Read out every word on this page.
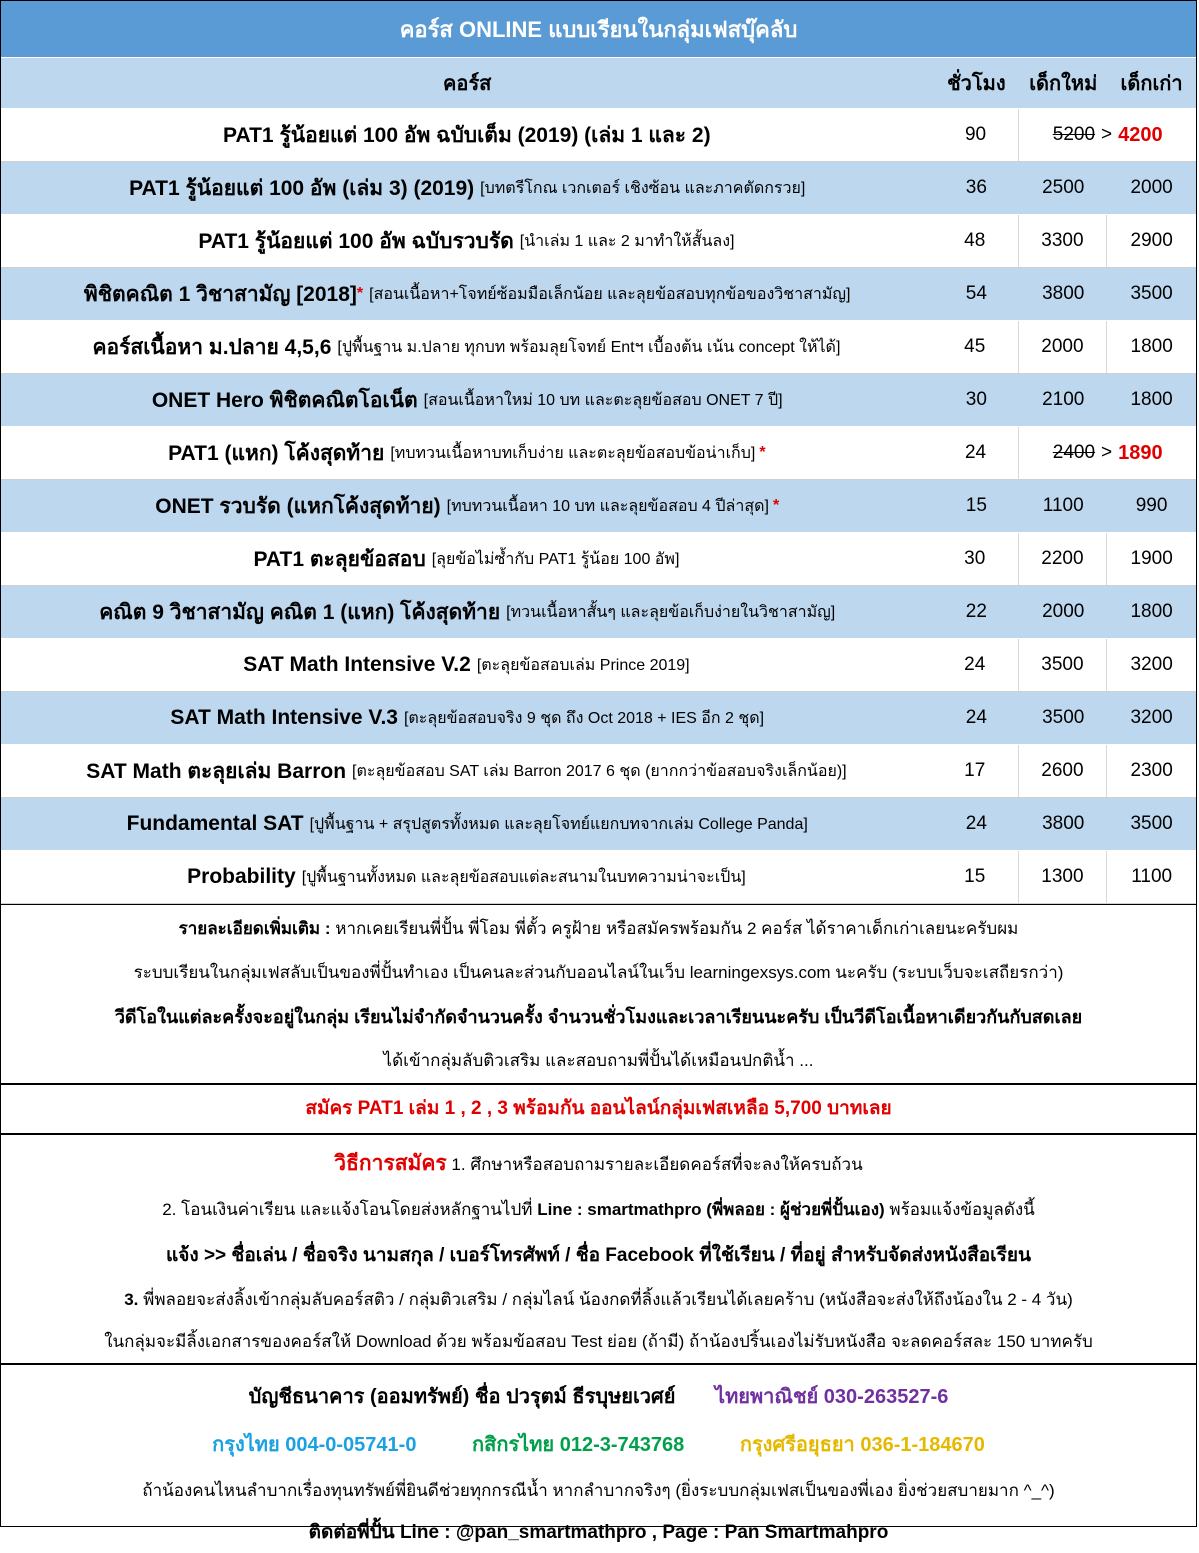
คอร์ส ONLINE แบบเรียนในกลุ่มเฟสบุ๊คลับ
คอร์ส	ชั่วโมง	เด็กใหม่	เด็กเก่า
PAT1 รู้น้อยแต่ 100 อัพ ฉบับเต็ม (2019) (เล่ม 1 และ 2)	90	5200 > 4200
PAT1 รู้น้อยแต่ 100 อัพ (เล่ม 3) (2019) [บทตรีโกณ เวกเตอร์ เชิงซ้อน และภาคตัดกรวย]	36	2500	2000
PAT1 รู้น้อยแต่ 100 อัพ ฉบับรวบรัด [นำเล่ม 1 และ 2 มาทำให้สั้นลง]	48	3300	2900
พิชิตคณิต 1 วิชาสามัญ [2018] * [สอนเนื้อหา+โจทย์ซ้อมมือเล็กน้อย และลุยข้อสอบทุกข้อของวิชาสามัญ]	54	3800	3500
คอร์สเนื้อหา ม.ปลาย 4,5,6 [ปูพื้นฐาน ม.ปลาย ทุกบท พร้อมลุยโจทย์ Entฯ เบื้องต้น เน้น concept ให้ได้]	45	2000	1800
ONET Hero พิชิตคณิตโอเน็ต [สอนเนื้อหาใหม่ 10 บท และตะลุยข้อสอบ ONET 7 ปี]	30	2100	1800
PAT1 (แหก) โค้งสุดท้าย [ทบทวนเนื้อหาบทเก็บง่าย และตะลุยข้อสอบข้อน่าเก็บ] *	24	2400 > 1890
ONET รวบรัด (แหกโค้งสุดท้าย) [ทบทวนเนื้อหา 10 บท และลุยข้อสอบ 4 ปีล่าสุด] *	15	1100	990
PAT1 ตะลุยข้อสอบ [ลุยข้อไม่ซ้ำกับ PAT1 รู้น้อย 100 อัพ]	30	2200	1900
คณิต 9 วิชาสามัญ คณิต 1 (แหก) โค้งสุดท้าย [ทวนเนื้อหาสั้นๆ และลุยข้อเก็บง่ายในวิชาสามัญ]	22	2000	1800
SAT Math Intensive V.2 [ตะลุยข้อสอบเล่ม Prince 2019]	24	3500	3200
SAT Math Intensive V.3 [ตะลุยข้อสอบจริง 9 ชุด ถึง Oct 2018 + IES อีก 2 ชุด]	24	3500	3200
SAT Math ตะลุยเล่ม Barron [ตะลุยข้อสอบ SAT เล่ม Barron 2017 6 ชุด (ยากกว่าข้อสอบจริงเล็กน้อย)]	17	2600	2300
Fundamental SAT [ปูพื้นฐาน + สรุปสูตรทั้งหมด และลุยโจทย์แยกบทจากเล่ม College Panda]	24	3800	3500
Probability [ปูพื้นฐานทั้งหมด และลุยข้อสอบแต่ละสนามในบทความน่าจะเป็น]	15	1300	1100

รายละเอียดเพิ่มเติม : หากเคยเรียนพี่ปั้น พี่โอม พี่ตั้ว ครูฝ้าย หรือสมัครพร้อมกัน 2 คอร์ส ได้ราคาเด็กเก่าเลยนะครับผม

ระบบเรียนในกลุ่มเฟสลับเป็นของพี่ปั้นทำเอง เป็นคนละส่วนกับออนไลน์ในเว็บ learningexsys.com นะครับ (ระบบเว็บจะเสถียรกว่า)

วีดีโอในแต่ละครั้งจะอยู่ในกลุ่ม เรียนไม่จำกัดจำนวนครั้ง จำนวนชั่วโมงและเวลาเรียนนะครับ เป็นวีดีโอเนื้อหาเดียวกันกับสดเลย

ได้เข้ากลุ่มลับติวเสริม และสอบถามพี่ปั้นได้เหมือนปกตินํ้า ...

สมัคร PAT1 เล่ม 1 , 2 , 3 พร้อมกัน ออนไลน์กลุ่มเฟสเหลือ 5,700 บาทเลย

วิธีการสมัคร 1. ศึกษาหรือสอบถามรายละเอียดคอร์สที่จะลงให้ครบถ้วน

2. โอนเงินค่าเรียน และแจ้งโอนโดยส่งหลักฐานไปที่ Line : smartmathpro (พี่พลอย : ผู้ช่วยพี่ปั้นเอง) พร้อมแจ้งข้อมูลดังนี้

แจ้ง >> ชื่อเล่น / ชื่อจริง นามสกุล / เบอร์โทรศัพท์ / ชื่อ Facebook ที่ใช้เรียน / ที่อยู่ สำหรับจัดส่งหนังสือเรียน

3. พี่พลอยจะส่งลิ้งเข้ากลุ่มลับคอร์สติว / กลุ่มติวเสริม / กลุ่มไลน์ น้องกดที่ลิ้งแล้วเรียนได้เลยคร้าบ (หนังสือจะส่งให้ถึงน้องใน 2 - 4 วัน)

ในกลุ่มจะมีลิ้งเอกสารของคอร์สให้ Download ด้วย พร้อมข้อสอบ Test ย่อย (ถ้ามี) ถ้าน้องปริ้นเองไม่รับหนังสือ จะลดคอร์สละ 150 บาทครับ

บัญชีธนาคาร (ออมทรัพย์) ชื่อ ปวรุตม์ ธีรบุษยเวศย์ ไทยพาณิชย์ 030-263527-6

กรุงไทย 004-0-05741-0	กสิกรไทย 012-3-743768	กรุงศรีอยุธยา 036-1-184670

ถ้าน้องคนไหนลำบากเรื่องทุนทรัพย์พี่ยินดีช่วยทุกกรณีนํ้า หากลำบากจริงๆ (ยิ่งระบบกลุ่มเฟสเป็นของพี่เอง ยิ่งช่วยสบายมาก ^_^)

ติดต่อพี่ปั้น Line : @pan_smartmathpro , Page : Pan Smartmahpro
